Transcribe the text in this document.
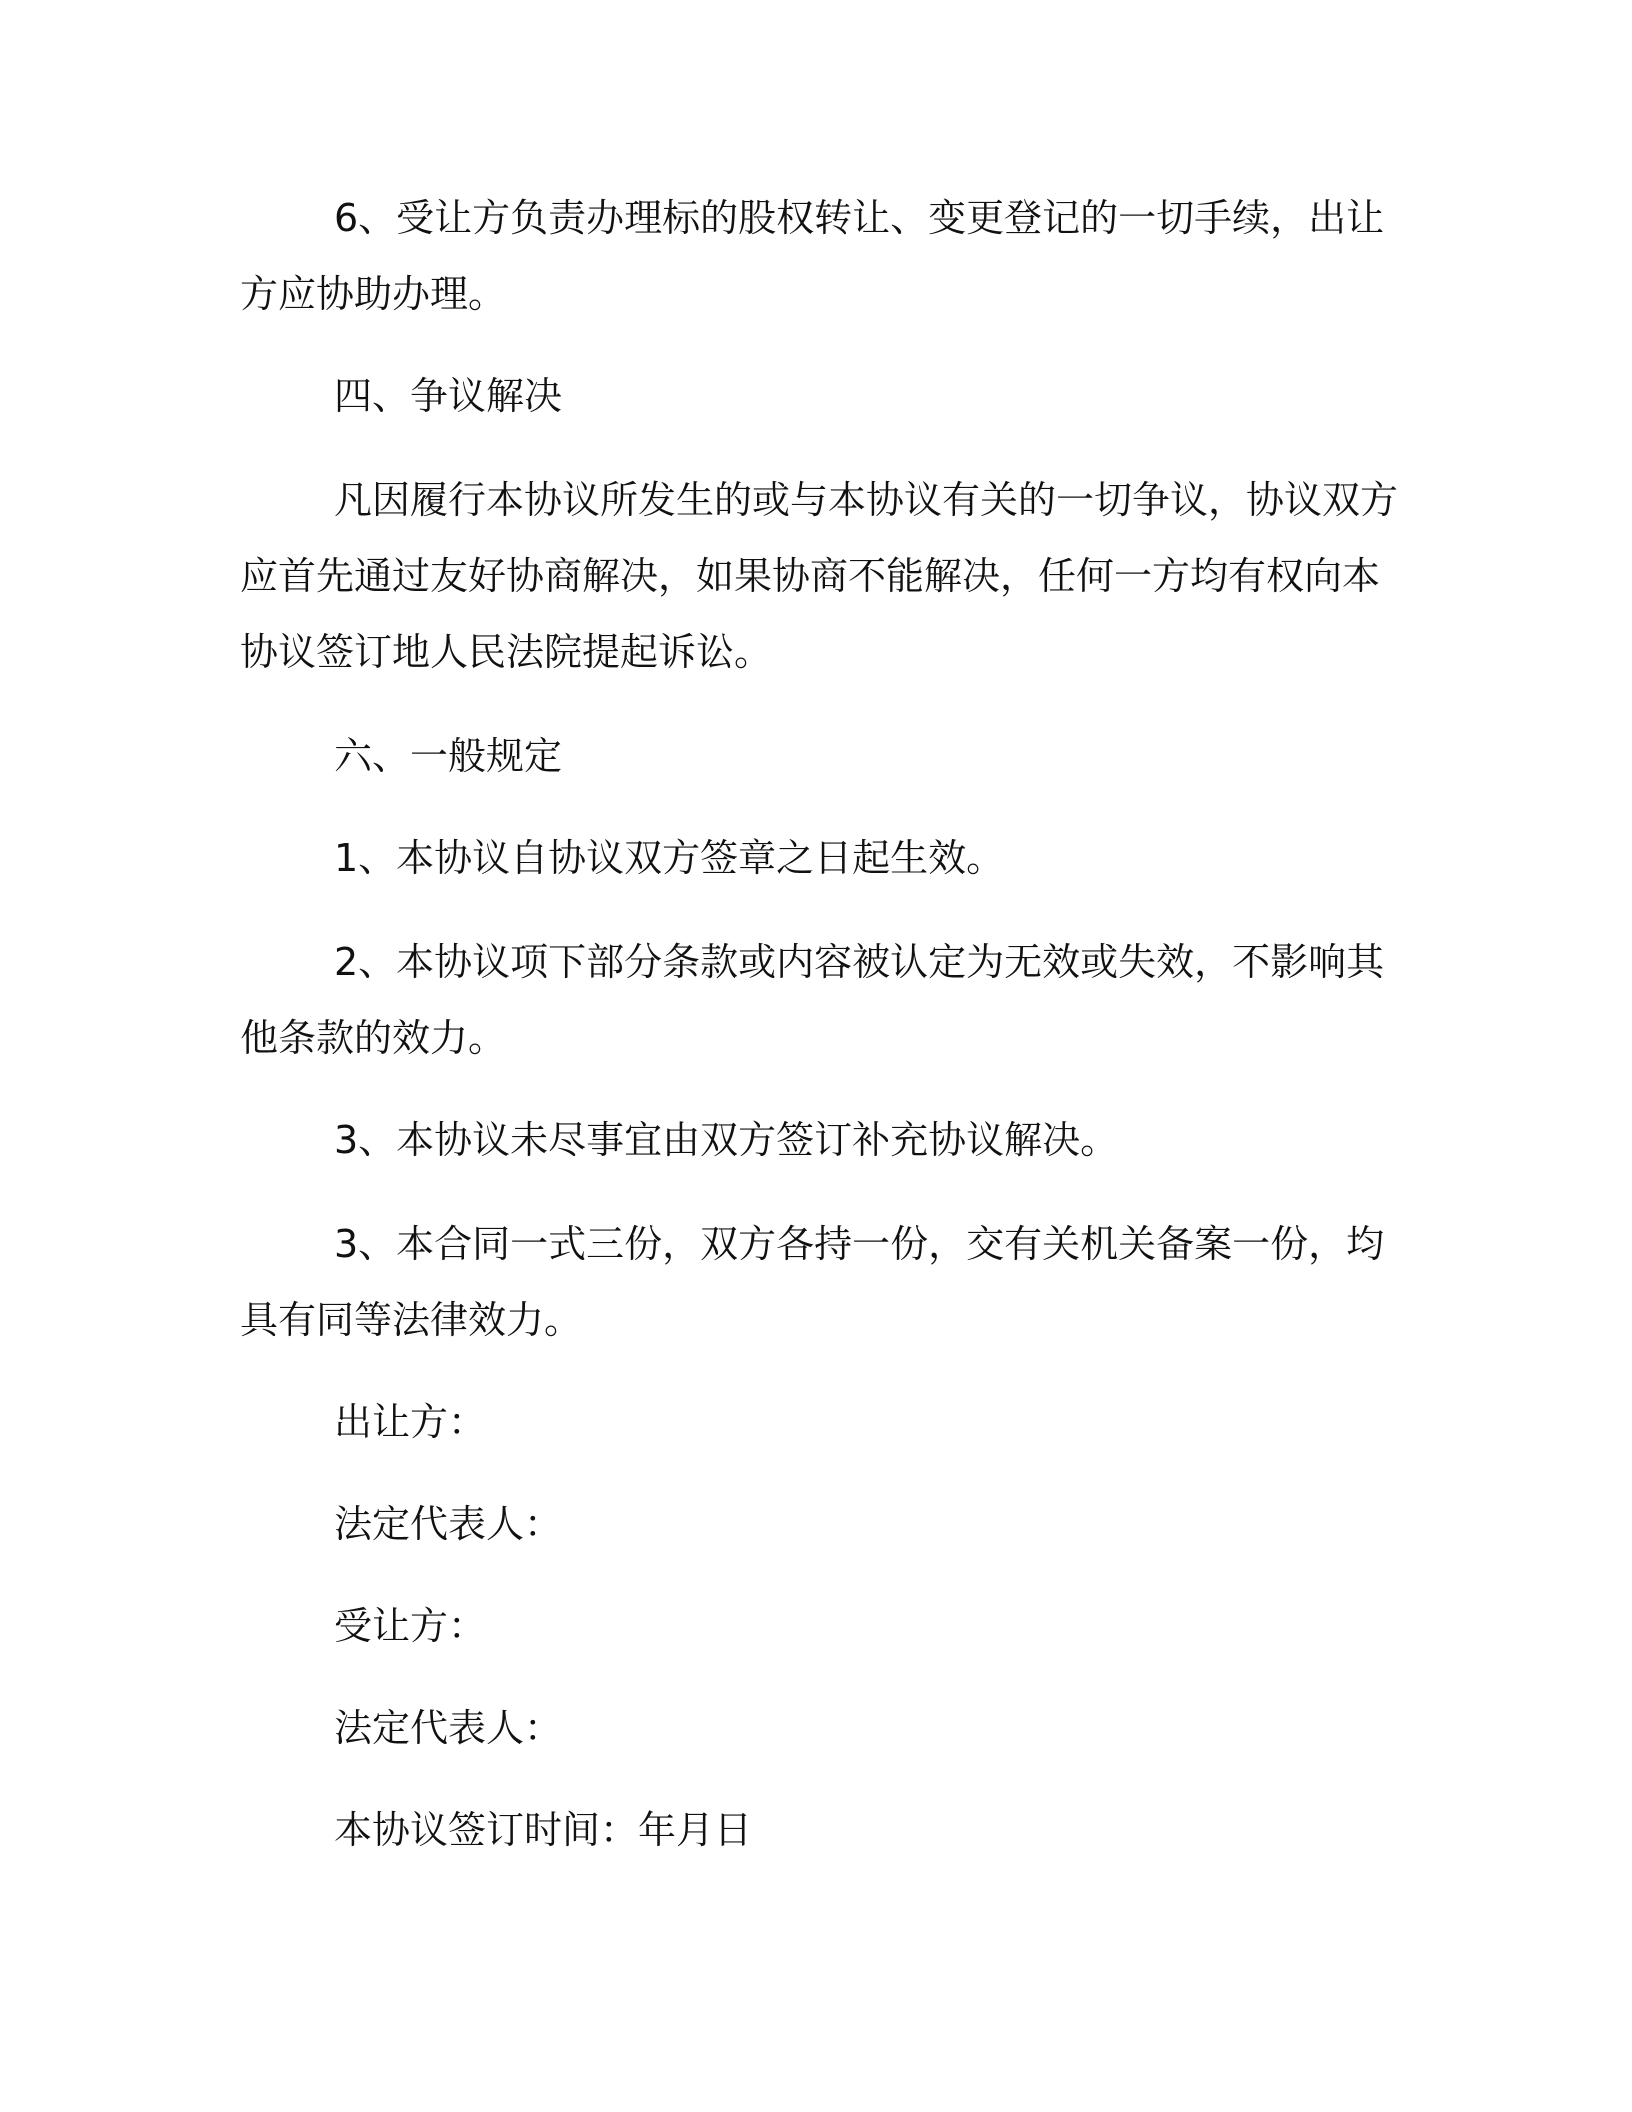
6、受让方负责办理标的股权转让、变更登记的一切手续，出让
方应协助办理。
四、争议解决
凡因履行本协议所发生的或与本协议有关的一切争议，协议双方
应首先通过友好协商解决，如果协商不能解决，任何一方均有权向本
协议签订地人民法院提起诉讼。
六、一般规定
1、本协议自协议双方签章之日起生效。
2、本协议项下部分条款或内容被认定为无效或失效，不影响其
他条款的效力。
3、本协议未尽事宜由双方签订补充协议解决。
3、本合同一式三份，双方各持一份，交有关机关备案一份，均
具有同等法律效力。
出让方：
法定代表人：
受让方：
法定代表人：
本协议签订时间：年月日
